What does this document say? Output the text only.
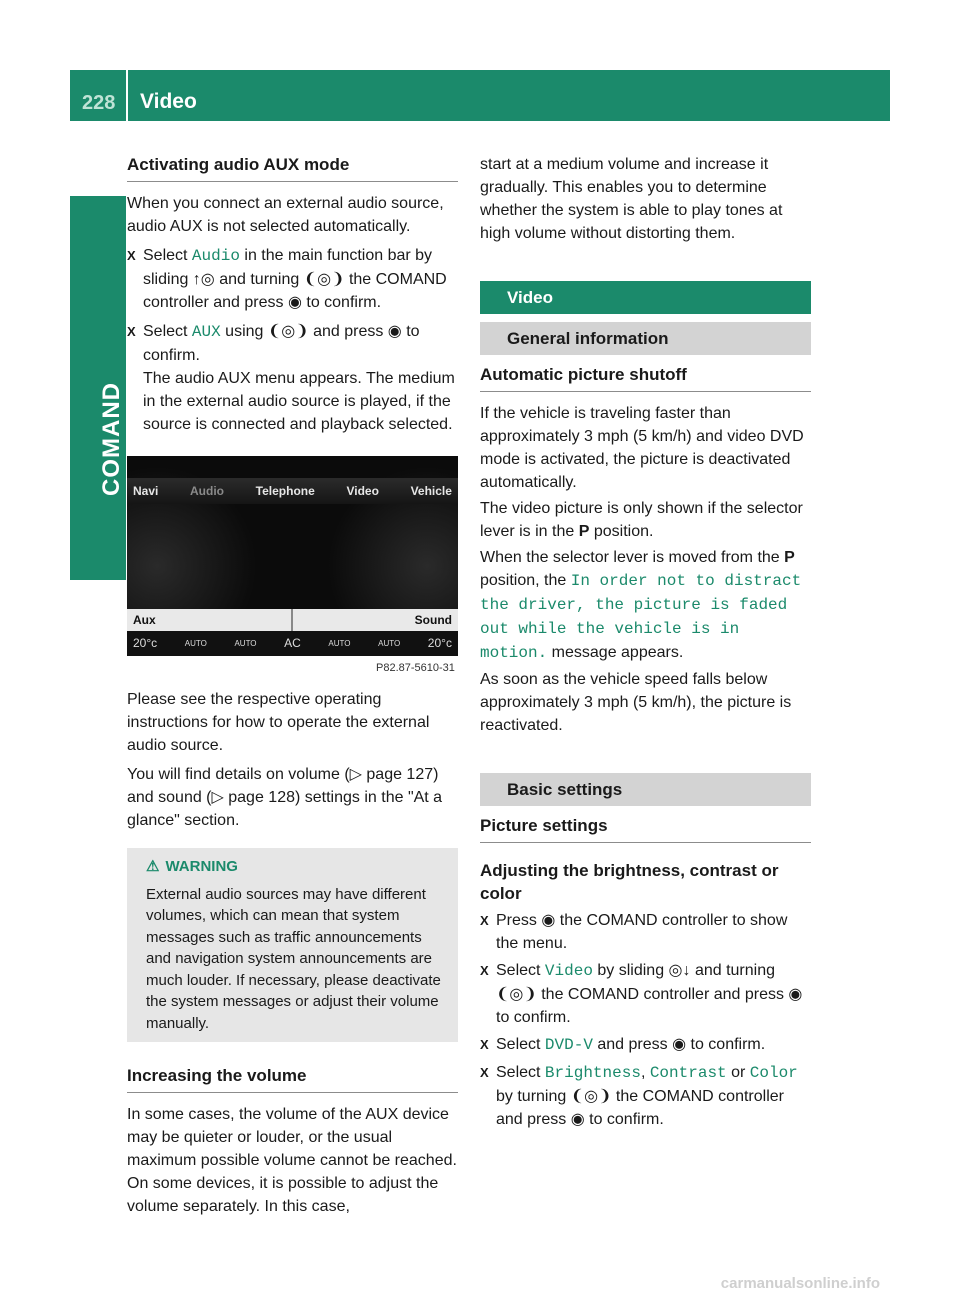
228 Video
COMAND

Activating audio AUX mode

When you connect an external audio source, audio AUX is not selected automatically.

X Select Audio in the main function bar by sliding ↑◎ and turning ❨◎❩ the COMAND controller and press ◉ to confirm.

X Select AUX using ❨◎❩ and press ◉ to confirm.
The audio AUX menu appears. The medium in the external audio source is played, if the source is connected and playback selected.

Navi	Audio	Telephone	Video	Vehicle
Aux	Sound
20°c	AUTO	AUTO AC	AUTO	AUTO 20°c
P82.87-5610-31

Please see the respective operating instructions for how to operate the external audio source.

You will find details on volume (▷ page 127) and sound (▷ page 128) settings in the "At a glance" section.

⚠ WARNING
External audio sources may have different volumes, which can mean that system messages such as traffic announcements and navigation system announcements are much louder. If necessary, please deactivate the system messages or adjust their volume manually.

Increasing the volume

In some cases, the volume of the AUX device may be quieter or louder, or the usual maximum possible volume cannot be reached. On some devices, it is possible to adjust the volume separately. In this case,

start at a medium volume and increase it gradually. This enables you to determine whether the system is able to play tones at high volume without distorting them.

Video
General information

Automatic picture shutoff

If the vehicle is traveling faster than approximately 3 mph (5 km/h) and video DVD mode is activated, the picture is deactivated automatically.

The video picture is only shown if the selector lever is in the P position.

When the selector lever is moved from the P position, the In order not to distract the driver, the picture is faded out while the vehicle is in motion. message appears.

As soon as the vehicle speed falls below approximately 3 mph (5 km/h), the picture is reactivated.

Basic settings

Picture settings

Adjusting the brightness, contrast or color

X Press ◉ the COMAND controller to show the menu.

X Select Video by sliding ◎↓ and turning ❨◎❩ the COMAND controller and press ◉ to confirm.

X Select DVD-V and press ◉ to confirm.

X Select Brightness, Contrast or Color by turning ❨◎❩ the COMAND controller and press ◉ to confirm.

carmanualsonline.info
